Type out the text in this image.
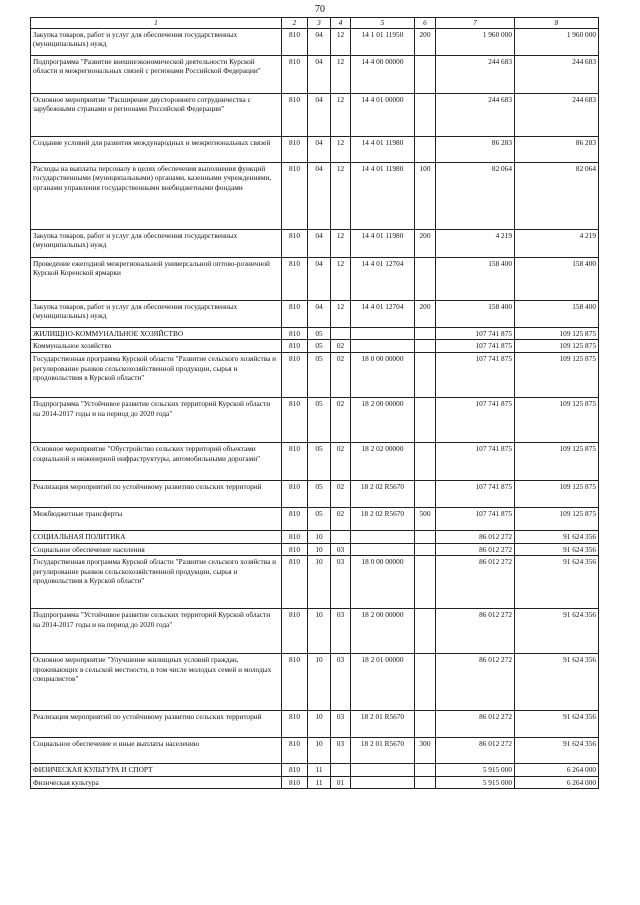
70
1	2	3	4	5	6	7	8
Закупка товаров, работ и услуг для обеспечения государственных (муниципальных) нужд	810	04	12	14 1 01 11950	200	1 960 000	1 960 000
Подпрограмма "Развитие внешнеэкономической деятельности Курской области и межрегиональных связей с регионами Российской Федерации"	810	04	12	14 4 00 00000		244 683	244 683
Основное мероприятие "Расширение двустороннего сотрудничества с зарубежными странами и регионами Российской Федерации"	810	04	12	14 4 01 00000		244 683	244 683
Создание условий для развития международных и межрегиональных связей	810	04	12	14 4 01 11980		86 283	86 283
Расходы на выплаты персоналу в целях обеспечения выполнения функций государственными (муниципальными) органами, казенными учреждениями, органами управления государственными внебюджетными фондами	810	04	12	14 4 01 11980	100	82 064	82 064
Закупка товаров, работ и услуг для обеспечения государственных (муниципальных) нужд	810	04	12	14 4 01 11980	200	4 219	4 219
Проведение ежегодной межрегиональной универсальной оптово-розничной Курской Коренской ярмарки	810	04	12	14 4 01 12704		158 400	158 400
Закупка товаров, работ и услуг для обеспечения государственных (муниципальных) нужд	810	04	12	14 4 01 12704	200	158 400	158 400
ЖИЛИЩНО-КОММУНАЛЬНОЕ ХОЗЯЙСТВО	810	05				107 741 875	109 125 875
Коммунальное хозяйство	810	05	02			107 741 875	109 125 875
Государственная программа Курской области "Развитие сельского хозяйства и регулирование рынков сельскохозяйственной продукции, сырья и продовольствия в Курской области"	810	05	02	18 0 00 00000		107 741 875	109 125 875
Подпрограмма "Устойчивое развитие сельских территорий Курской области на 2014-2017 годы и на период до 2020 года"	810	05	02	18 2 00 00000		107 741 875	109 125 875
Основное мероприятие "Обустройство сельских территорий объектами социальной и инженерной инфраструктуры, автомобильными дорогами"	810	05	02	18 2 02 00000		107 741 875	109 125 875
Реализация мероприятий по устойчивому развитию сельских территорий	810	05	02	18 2 02 R5670		107 741 875	109 125 875
Межбюджетные трансферты	810	05	02	18 2 02 R5670	500	107 741 875	109 125 875
СОЦИАЛЬНАЯ ПОЛИТИКА	810	10				86 012 272	91 624 356
Социальное обеспечение населения	810	10	03			86 012 272	91 624 356
Государственная программа Курской области "Развитие сельского хозяйства и регулирование рынков сельскохозяйственной продукции, сырья и продовольствия в Курской области"	810	10	03	18 0 00 00000		86 012 272	91 624 356
Подпрограмма "Устойчивое развитие сельских территорий Курской области на 2014-2017 годы и на период до 2020 года"	810	10	03	18 2 00 00000		86 012 272	91 624 356
Основное мероприятие "Улучшение жилищных условий граждан, проживающих в сельской местности, в том числе молодых семей и молодых специалистов"	810	10	03	18 2 01 00000		86 012 272	91 624 356
Реализация мероприятий по устойчивому развитию сельских территорий	810	10	03	18 2 01 R5670		86 012 272	91 624 356
Социальное обеспечение и иные выплаты населению	810	10	03	18 2 01 R5670	300	86 012 272	91 624 356
ФИЗИЧЕСКАЯ КУЛЬТУРА И СПОРТ	810	11				5 915 000	6 264 000
Физическая культура	810	11	01			5 915 000	6 264 000
